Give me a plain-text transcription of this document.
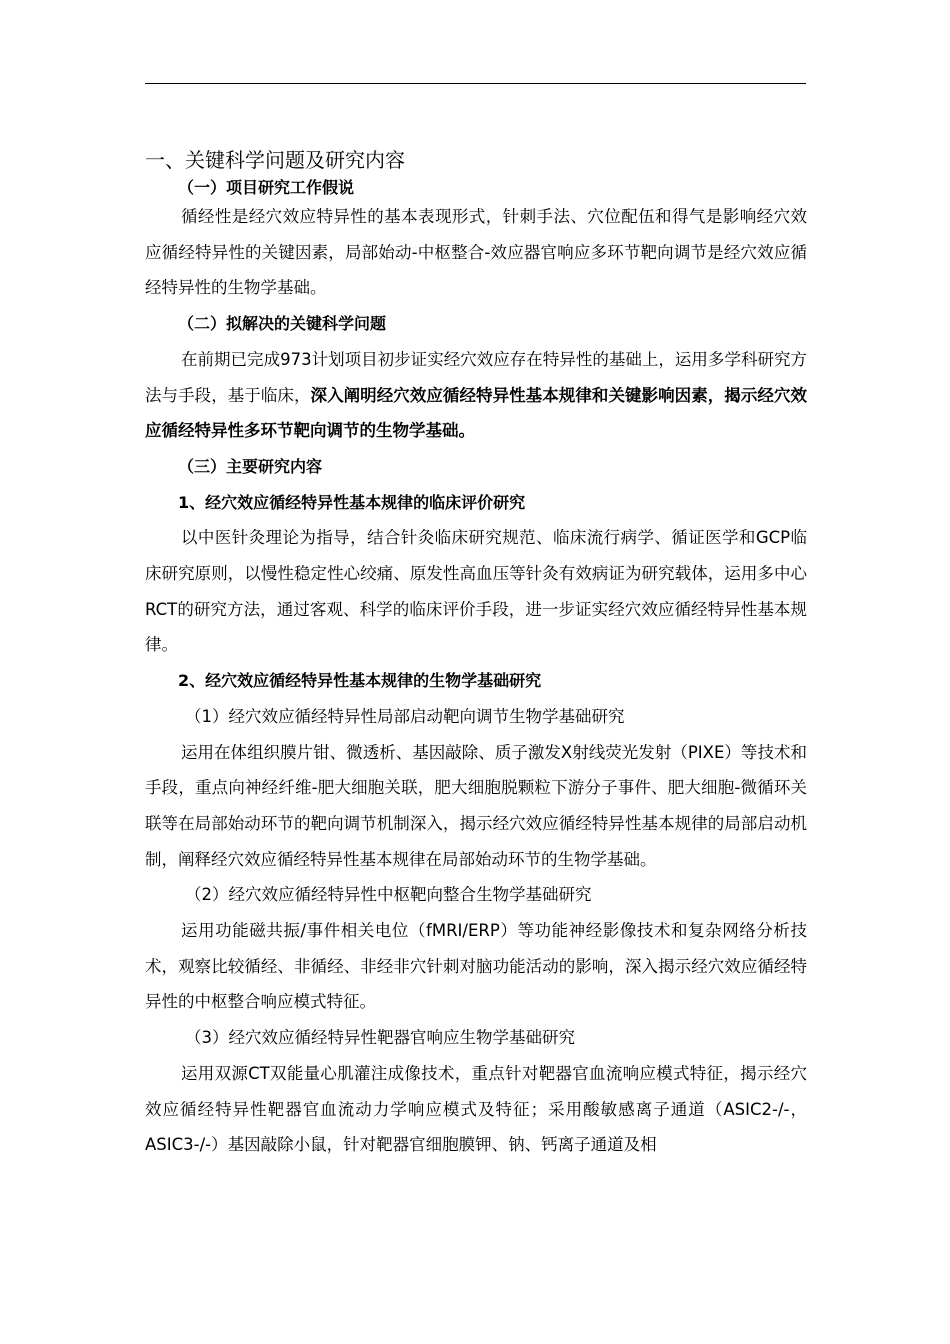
一、关键科学问题及研究内容
（一）项目研究工作假说

循经性是经穴效应特异性的基本表现形式，针刺手法、穴位配伍和得气是影响经穴效应循经特异性的关键因素，局部始动-中枢整合-效应器官响应多环节靶向调节是经穴效应循经特异性的生物学基础。

（二）拟解决的关键科学问题

在前期已完成973计划项目初步证实经穴效应存在特异性的基础上，运用多学科研究方法与手段，基于临床，深入阐明经穴效应循经特异性基本规律和关键影响因素，揭示经穴效应循经特异性多环节靶向调节的生物学基础。

（三）主要研究内容

1、经穴效应循经特异性基本规律的临床评价研究

以中医针灸理论为指导，结合针灸临床研究规范、临床流行病学、循证医学和GCP临床研究原则，以慢性稳定性心绞痛、原发性高血压等针灸有效病证为研究载体，运用多中心RCT的研究方法，通过客观、科学的临床评价手段，进一步证实经穴效应循经特异性基本规律。

2、经穴效应循经特异性基本规律的生物学基础研究

（1）经穴效应循经特异性局部启动靶向调节生物学基础研究

运用在体组织膜片钳、微透析、基因敲除、质子激发X射线荧光发射（PIXE）等技术和手段，重点向神经纤维-肥大细胞关联，肥大细胞脱颗粒下游分子事件、肥大细胞-微循环关联等在局部始动环节的靶向调节机制深入，揭示经穴效应循经特异性基本规律的局部启动机制，阐释经穴效应循经特异性基本规律在局部始动环节的生物学基础。

（2）经穴效应循经特异性中枢靶向整合生物学基础研究

运用功能磁共振/事件相关电位（fMRI/ERP）等功能神经影像技术和复杂网络分析技术，观察比较循经、非循经、非经非穴针刺对脑功能活动的影响，深入揭示经穴效应循经特异性的中枢整合响应模式特征。

（3）经穴效应循经特异性靶器官响应生物学基础研究

运用双源CT双能量心肌灌注成像技术，重点针对靶器官血流响应模式特征，揭示经穴效应循经特异性靶器官血流动力学响应模式及特征；采用酸敏感离子通道（ASIC2-/-，ASIC3-/-）基因敲除小鼠，针对靶器官细胞膜钾、钠、钙离子通道及相
